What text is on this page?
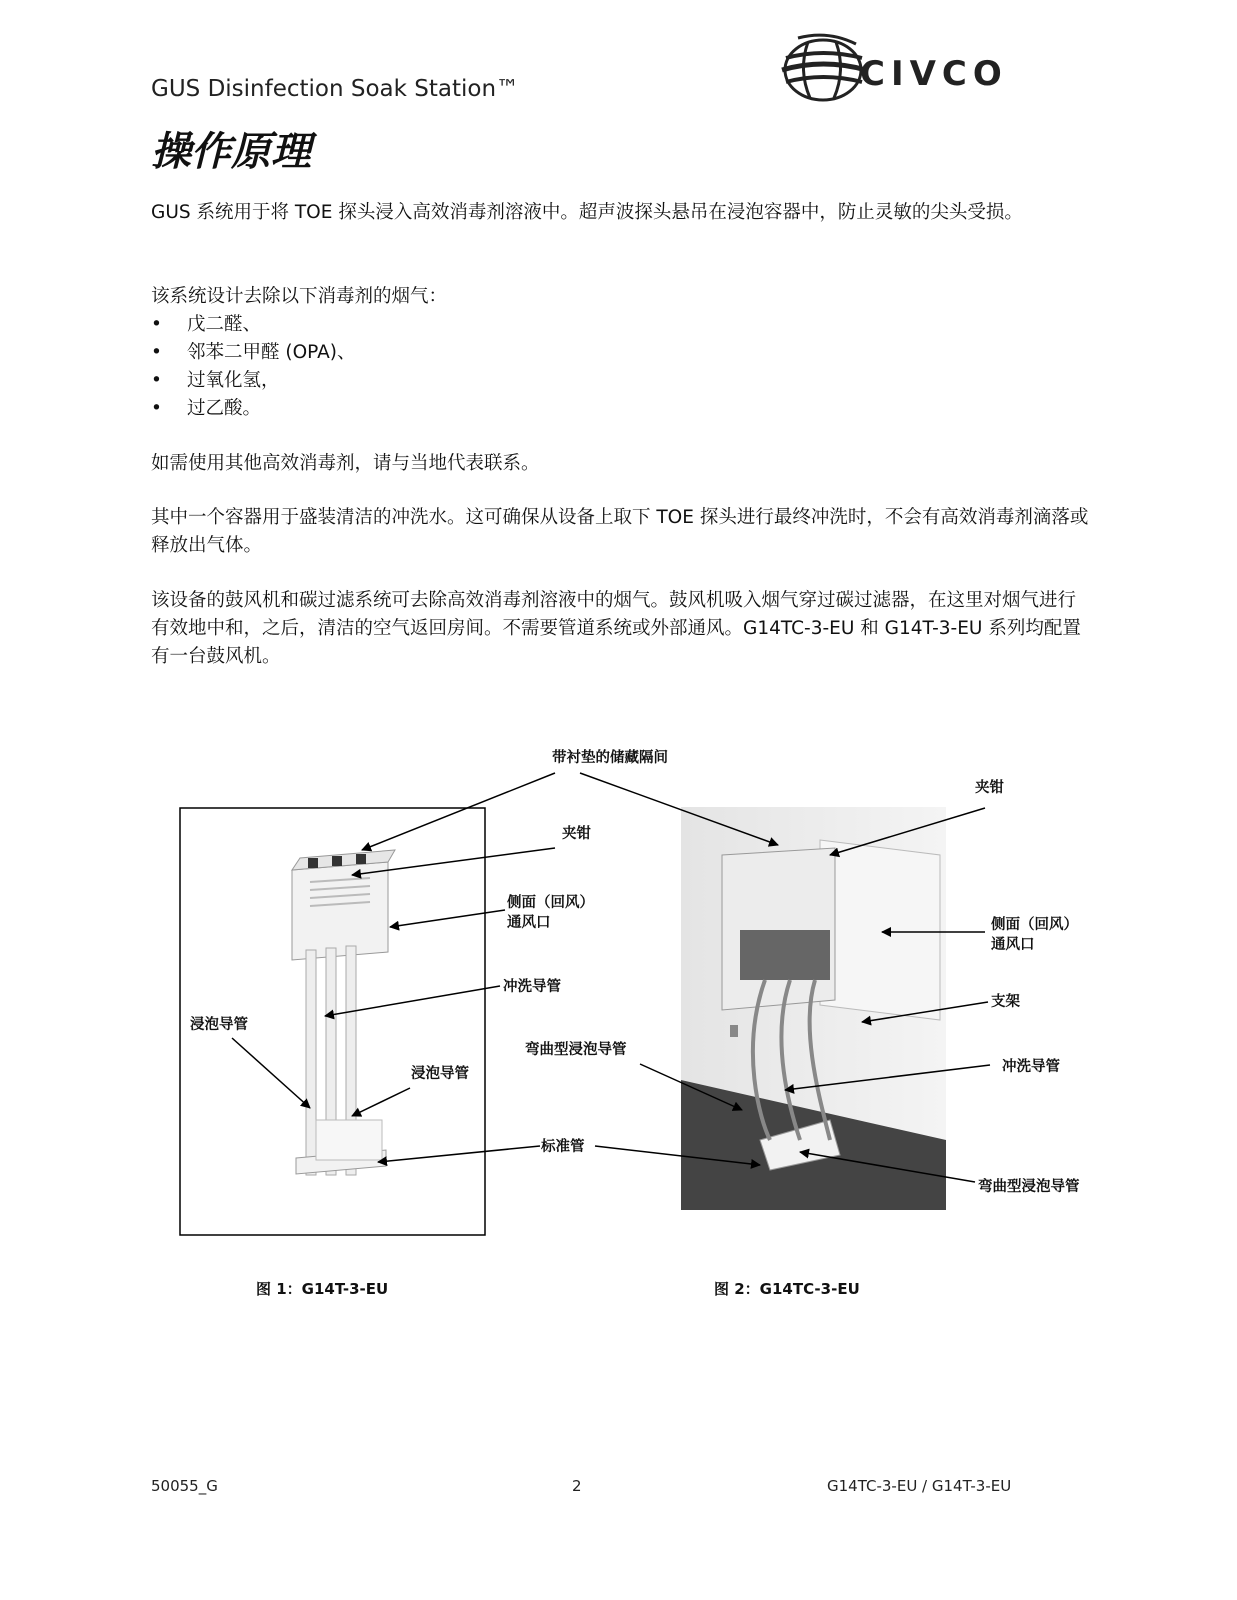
GUS Disinfection Soak Station™	CIVCO
操作原理
GUS 系统用于将 TOE 探头浸入高效消毒剂溶液中。超声波探头悬吊在浸泡容器中，防止灵敏的尖头受损。
该系统设计去除以下消毒剂的烟气：
• 戊二醛、
• 邻苯二甲醛 (OPA)、
• 过氧化氢，
• 过乙酸。
如需使用其他高效消毒剂，请与当地代表联系。
其中一个容器用于盛装清洁的冲洗水。这可确保从设备上取下 TOE 探头进行最终冲洗时，不会有高效消毒剂滴落或释放出气体。
该设备的鼓风机和碳过滤系统可去除高效消毒剂溶液中的烟气。鼓风机吸入烟气穿过碳过滤器，在这里对烟气进行有效地中和，之后，清洁的空气返回房间。不需要管道系统或外部通风。G14TC-3-EU 和 G14T-3-EU 系列均配置有一台鼓风机。
带衬垫的储藏隔间
夹钳
夹钳
侧面（回风）
通风口	侧面（回风）
通风口
冲洗导管
支架
浸泡导管
弯曲型浸泡导管
冲洗导管
浸泡导管
标准管
弯曲型浸泡导管
图 1：G14T-3-EU	图 2：G14TC-3-EU
50055_G	2	G14TC-3-EU / G14T-3-EU
